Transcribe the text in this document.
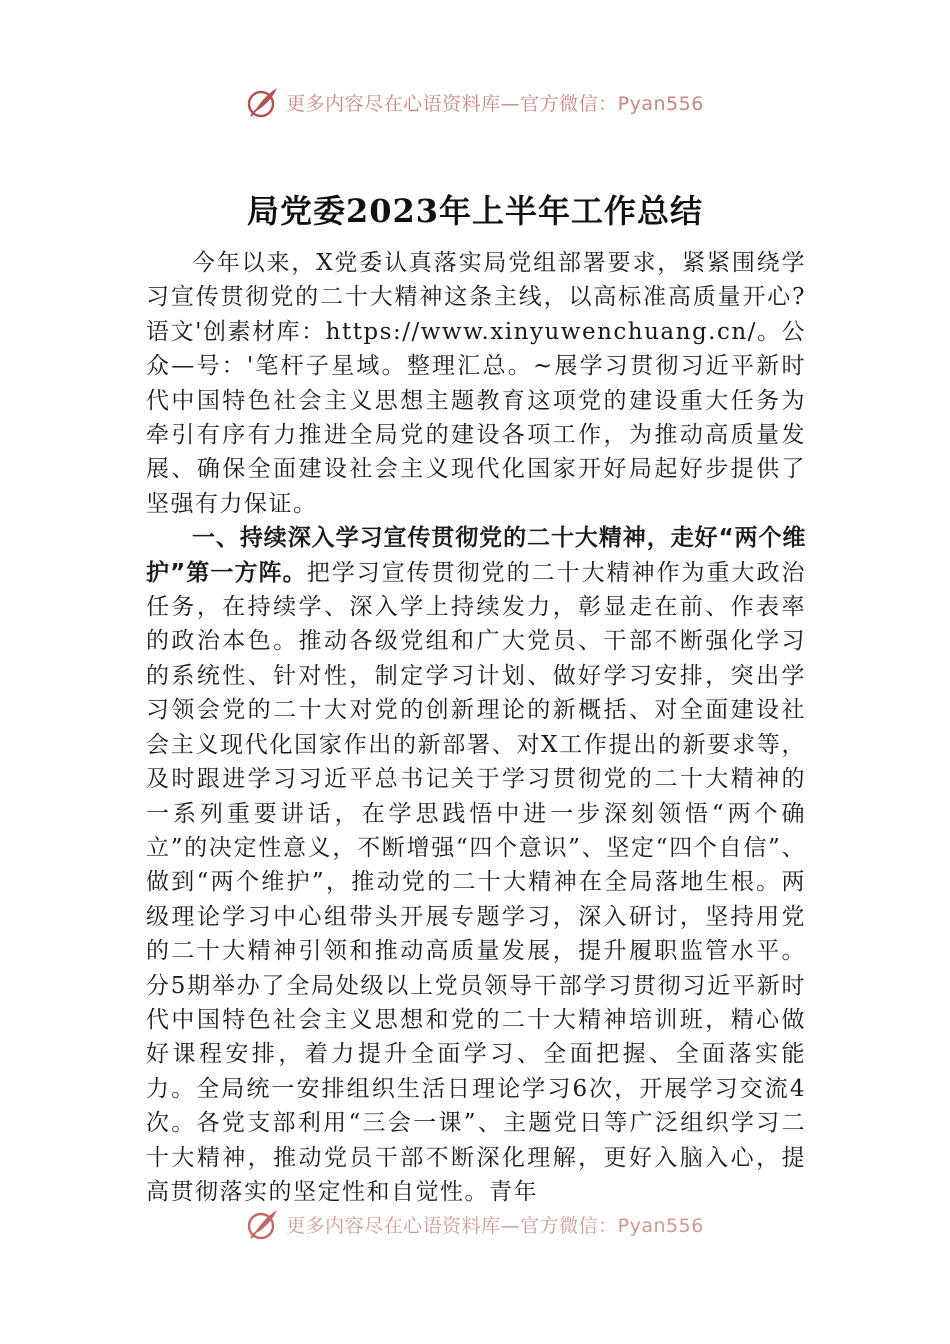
更多内容尽在心语资料库—官方微信：Pyan556
局党委2023年上半年工作总结

今年以来，X党委认真落实局党组部署要求，紧紧围绕学习宣传贯彻党的二十大精神这条主线，以高标准高质量开心?语文'创素材库：https://www.xinyuwenchuang.cn/。公众—号：'笔杆子星域。整理汇总。~展学习贯彻习近平新时代中国特色社会主义思想主题教育这项党的建设重大任务为牵引有序有力推进全局党的建设各项工作，为推动高质量发展、确保全面建设社会主义现代化国家开好局起好步提供了坚强有力保证。

一、持续深入学习宣传贯彻党的二十大精神，走好“两个维护”第一方阵。把学习宣传贯彻党的二十大精神作为重大政治任务，在持续学、深入学上持续发力，彰显走在前、作表率的政治本色。推动各级党组和广大党员、干部不断强化学习的系统性、针对性，制定学习计划、做好学习安排，突出学习领会党的二十大对党的创新理论的新概括、对全面建设社会主义现代化国家作出的新部署、对X工作提出的新要求等，及时跟进学习习近平总书记关于学习贯彻党的二十大精神的一系列重要讲话，在学思践悟中进一步深刻领悟“两个确立”的决定性意义，不断增强“四个意识”、坚定“四个自信”、做到“两个维护”，推动党的二十大精神在全局落地生根。两级理论学习中心组带头开展专题学习，深入研讨，坚持用党的二十大精神引领和推动高质量发展，提升履职监管水平。分5期举办了全局处级以上党员领导干部学习贯彻习近平新时代中国特色社会主义思想和党的二十大精神培训班，精心做好课程安排，着力提升全面学习、全面把握、全面落实能力。全局统一安排组织生活日理论学习6次，开展学习交流4次。各党支部利用“三会一课”、主题党日等广泛组织学习二十大精神，推动党员干部不断深化理解，更好入脑入心，提高贯彻落实的坚定性和自觉性。青年

更多内容尽在心语资料库—官方微信：Pyan556
